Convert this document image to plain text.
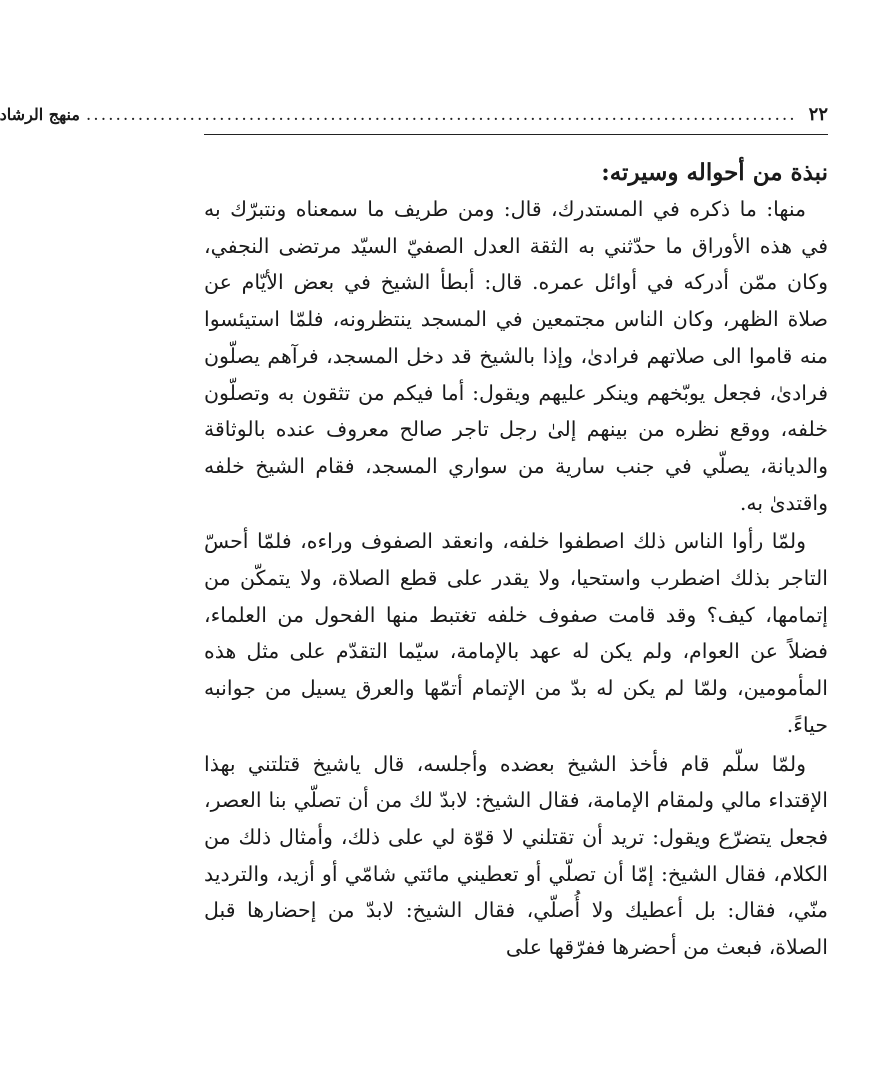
٢٢
................................................................................................
منهج الرشاد
نبذة من أحواله وسيرته:

منها: ما ذكره في المستدرك، قال: ومن طريف ما سمعناه ونتبرّك به في هذه الأوراق ما حدّثني به الثقة العدل الصفيّ السيّد مرتضى النجفي، وكان ممّن أدركه في أوائل عمره. قال: أبطأ الشيخ في بعض الأيّام عن صلاة الظهر، وكان الناس مجتمعين في المسجد ينتظرونه، فلمّا استيئسوا منه قاموا الى صلاتهم فرادىٰ، وإذا بالشيخ قد دخل المسجد، فرآهم يصلّون فرادىٰ، فجعل يوبّخهم وينكر عليهم ويقول: أما فيكم من تثقون به وتصلّون خلفه، ووقع نظره من بينهم إلىٰ رجل تاجر صالح معروف عنده بالوثاقة والديانة، يصلّي في جنب سارية من سواري المسجد، فقام الشيخ خلفه واقتدىٰ به.

ولمّا رأوا الناس ذلك اصطفوا خلفه، وانعقد الصفوف وراءه، فلمّا أحسّ التاجر بذلك اضطرب واستحيا، ولا يقدر على قطع الصلاة، ولا يتمكّن من إتمامها، كيف؟ وقد قامت صفوف خلفه تغتبط منها الفحول من العلماء، فضلاً عن العوام، ولم يكن له عهد بالإمامة، سيّما التقدّم على مثل هذه المأمومين، ولمّا لم يكن له بدّ من الإتمام أتمّها والعرق يسيل من جوانبه حياءً.

ولمّا سلّم قام فأخذ الشيخ بعضده وأجلسه، قال ياشيخ قتلتني بهذا الإقتداء مالي ولمقام الإمامة، فقال الشيخ: لابدّ لك من أن تصلّي بنا العصر، فجعل يتضرّع ويقول: تريد أن تقتلني لا قوّة لي على ذلك، وأمثال ذلك من الكلام، فقال الشيخ: إمّا أن تصلّي أو تعطيني مائتي شامّي أو أزيد، والترديد منّي، فقال: بل أعطيك ولا أُصلّي، فقال الشيخ: لابدّ من إحضارها قبل الصلاة، فبعث من أحضرها ففرّقها على
